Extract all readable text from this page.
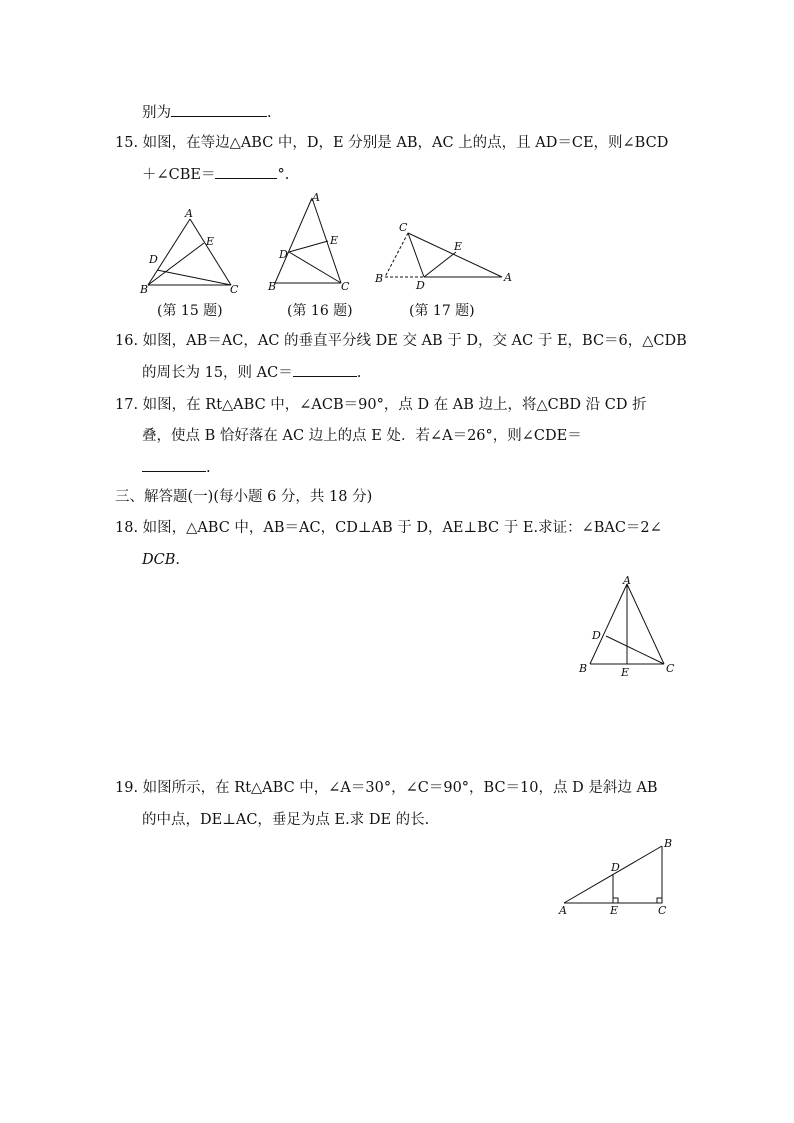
别为	.
15. 如图，在等边△ABC 中，D，E 分别是 AB，AC 上的点，且 AD＝CE，则∠BCD
＋∠CBE＝	°.
A
E
D
B	C
(第 15 题)
A
E
D
B	C
(第 16 题)
C
E
B
D
A
(第 17 题)
16. 如图，AB＝AC，AC 的垂直平分线 DE 交 AB 于 D，交 AC 于 E，BC＝6，△CDB
的周长为 15，则 AC＝	.
17. 如图，在 Rt△ABC 中，∠ACB＝90°，点 D 在 AB 边上，将△CBD 沿 CD 折
叠，使点 B 恰好落在 AC 边上的点 E 处．若∠A＝26°，则∠CDE＝
.
三、解答题(一)(每小题 6 分，共 18 分)
18. 如图，△ABC 中，AB＝AC，CD⊥AB 于 D，AE⊥BC 于 E.求证：∠BAC＝2∠
DCB.
A
D
B	E	C
19. 如图所示，在 Rt△ABC 中，∠A＝30°，∠C＝90°，BC＝10，点 D 是斜边 AB
的中点，DE⊥AC，垂足为点 E.求 DE 的长.
B
D
A	E	C
